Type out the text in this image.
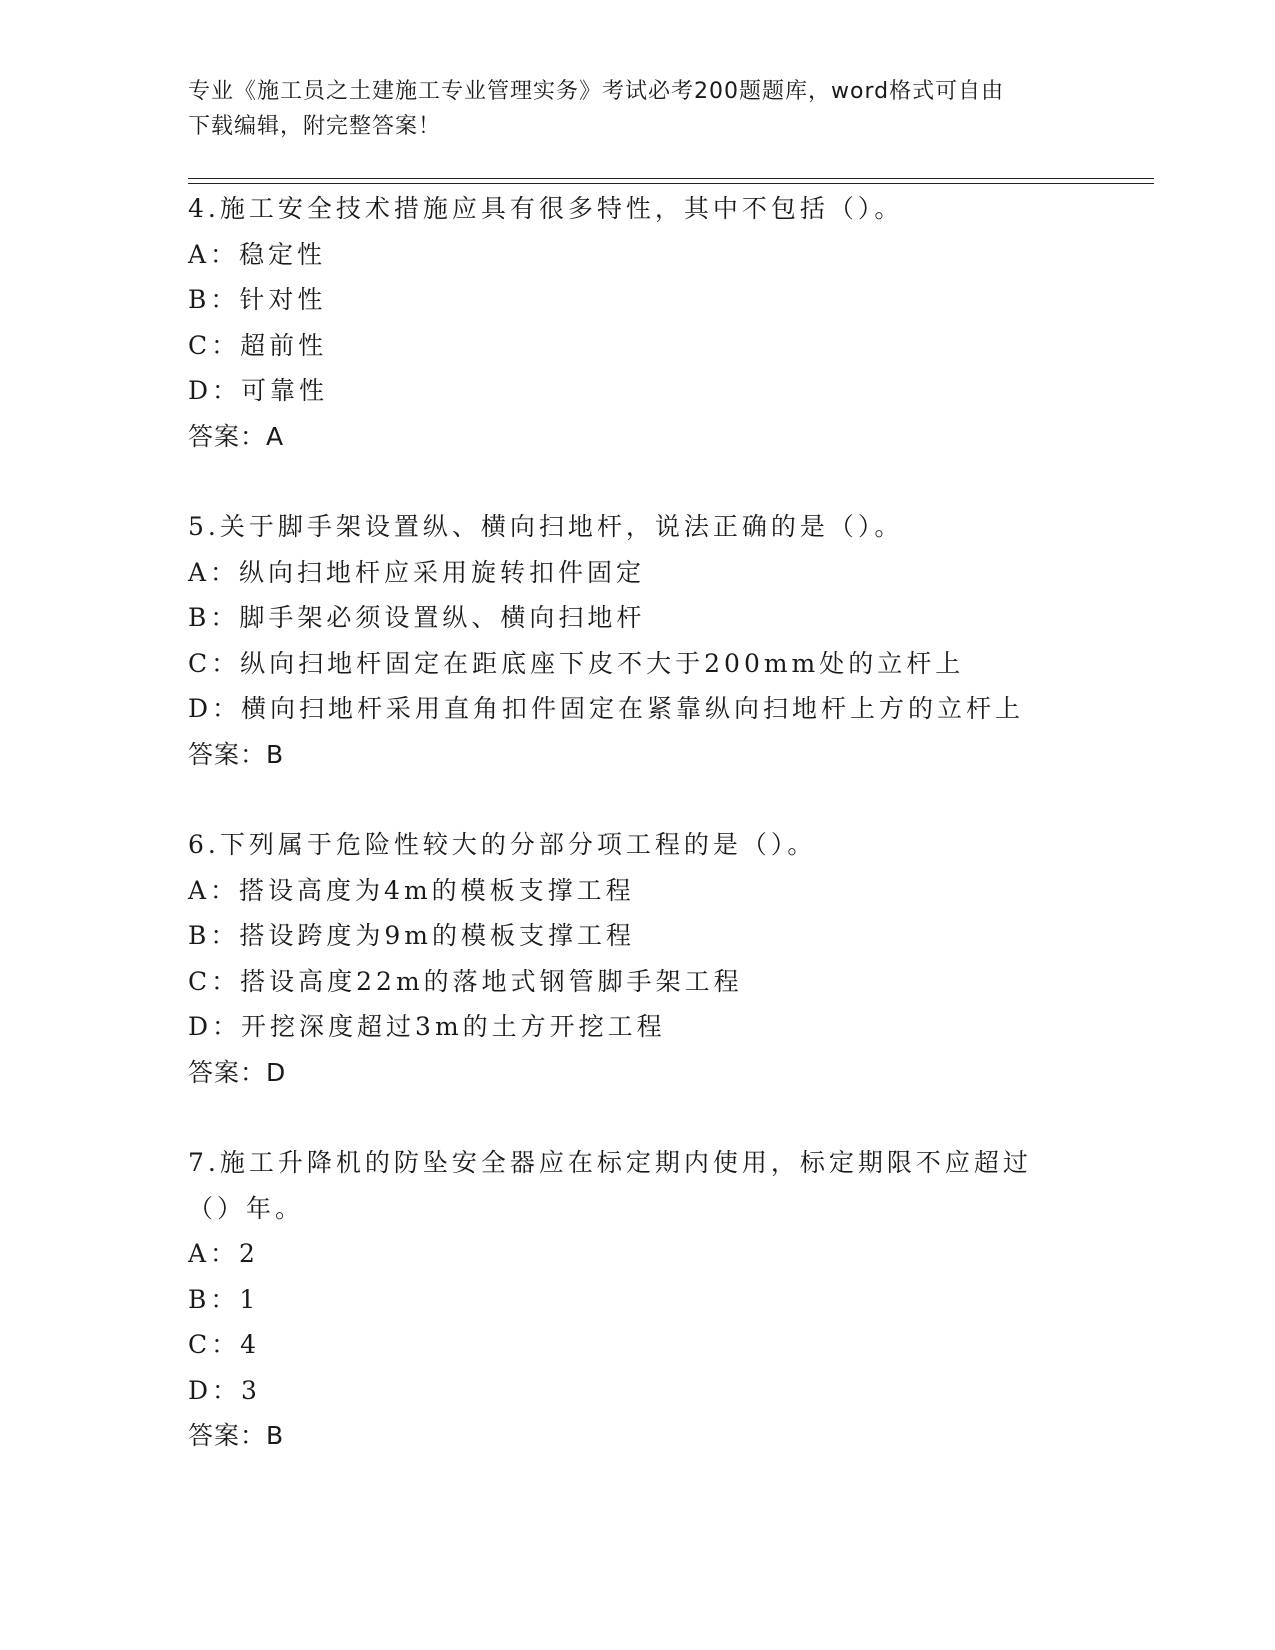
专业《施工员之土建施工专业管理实务》考试必考200题题库，word格式可自由
下载编辑，附完整答案！
4.施工安全技术措施应具有很多特性，其中不包括（）。
A：稳定性
B：针对性
C：超前性
D：可靠性
答案：A
5.关于脚手架设置纵、横向扫地杆，说法正确的是（）。
A：纵向扫地杆应采用旋转扣件固定
B：脚手架必须设置纵、横向扫地杆
C：纵向扫地杆固定在距底座下皮不大于200mm处的立杆上
D：横向扫地杆采用直角扣件固定在紧靠纵向扫地杆上方的立杆上
答案：B
6.下列属于危险性较大的分部分项工程的是（）。
A：搭设高度为4m的模板支撑工程
B：搭设跨度为9m的模板支撑工程
C：搭设高度22m的落地式钢管脚手架工程
D：开挖深度超过3m的土方开挖工程
答案：D
7.施工升降机的防坠安全器应在标定期内使用，标定期限不应超过（）年。
A：2
B：1
C：4
D：3
答案：B
